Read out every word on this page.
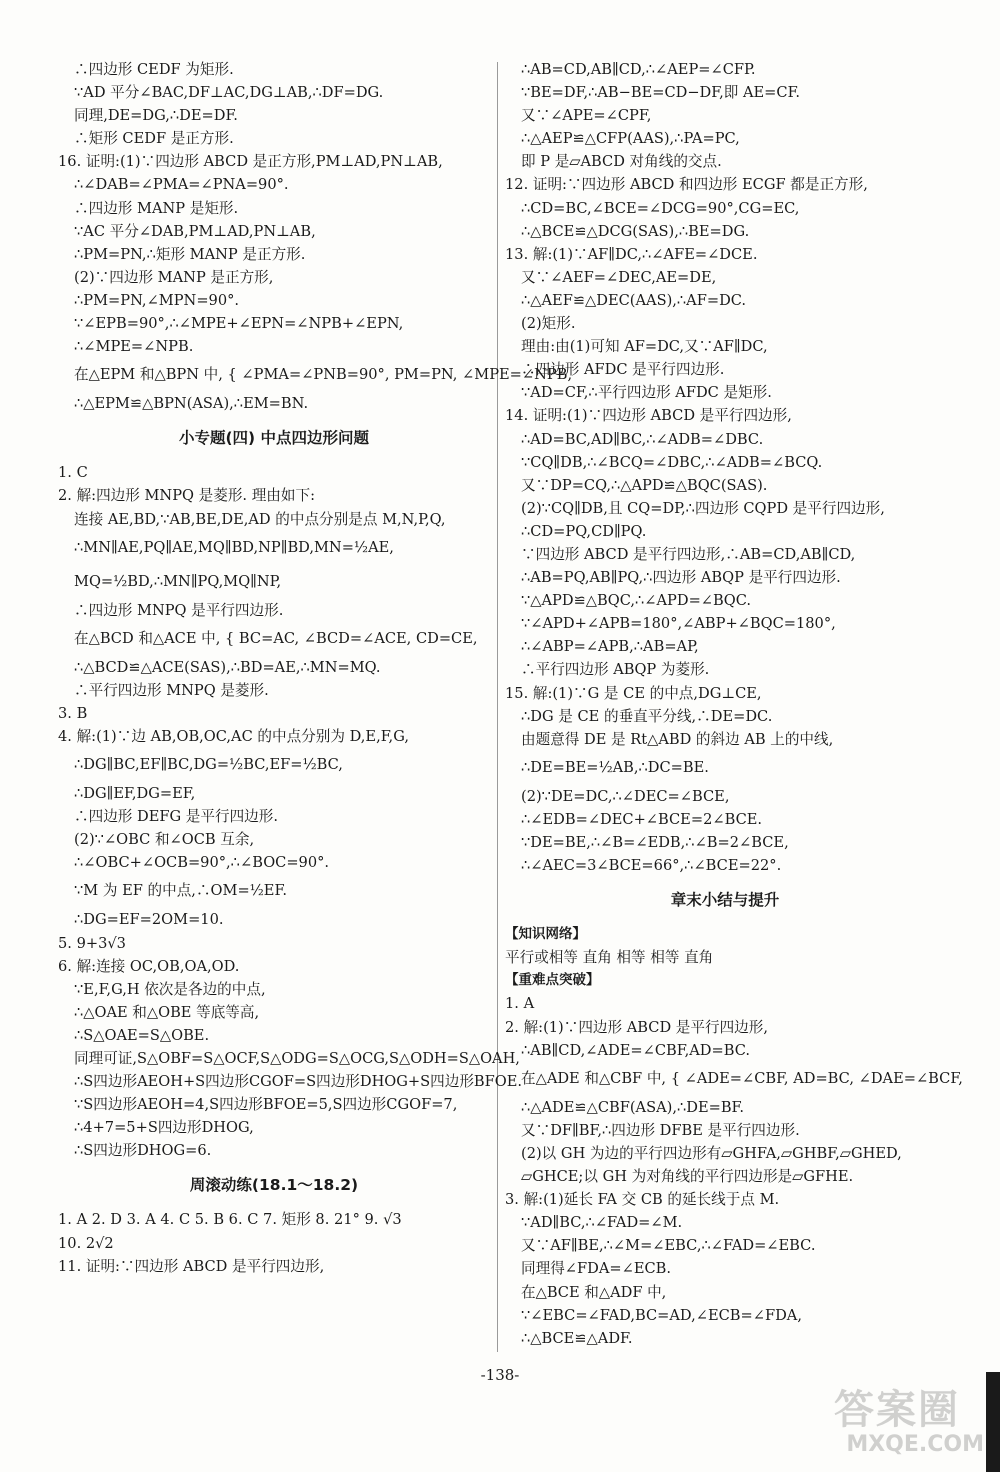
∴四边形 CEDF 为矩形.

∵AD 平分∠BAC,DF⊥AC,DG⊥AB,∴DF=DG.

同理,DE=DG,∴DE=DF.

∴矩形 CEDF 是正方形.

16. 证明:(1)∵四边形 ABCD 是正方形,PM⊥AD,PN⊥AB,

∴∠DAB=∠PMA=∠PNA=90°.

∴四边形 MANP 是矩形.

∵AC 平分∠DAB,PM⊥AD,PN⊥AB,

∴PM=PN,∴矩形 MANP 是正方形.

(2)∵四边形 MANP 是正方形,

∴PM=PN,∠MPN=90°.

∵∠EPB=90°,∴∠MPE+∠EPN=∠NPB+∠EPN,

∴∠MPE=∠NPB.

在△EPM 和△BPN 中, { ∠PMA=∠PNB=90°, PM=PN, ∠MPE=∠NPB,

∴△EPM≌△BPN(ASA),∴EM=BN.

小专题(四) 中点四边形问题

1. C

2. 解:四边形 MNPQ 是菱形. 理由如下:

连接 AE,BD,∵AB,BE,DE,AD 的中点分别是点 M,N,P,Q,

∴MN∥AE,PQ∥AE,MQ∥BD,NP∥BD,MN=½AE,

MQ=½BD,∴MN∥PQ,MQ∥NP,

∴四边形 MNPQ 是平行四边形.

在△BCD 和△ACE 中, { BC=AC, ∠BCD=∠ACE, CD=CE,

∴△BCD≌△ACE(SAS),∴BD=AE,∴MN=MQ.

∴平行四边形 MNPQ 是菱形.

3. B

4. 解:(1)∵边 AB,OB,OC,AC 的中点分别为 D,E,F,G,

∴DG∥BC,EF∥BC,DG=½BC,EF=½BC,

∴DG∥EF,DG=EF,

∴四边形 DEFG 是平行四边形.

(2)∵∠OBC 和∠OCB 互余,

∴∠OBC+∠OCB=90°,∴∠BOC=90°.

∵M 为 EF 的中点,∴OM=½EF.

∴DG=EF=2OM=10.

5. 9+3√3

6. 解:连接 OC,OB,OA,OD.

∵E,F,G,H 依次是各边的中点,

∴△OAE 和△OBE 等底等高,

∴S△OAE=S△OBE.

同理可证,S△OBF=S△OCF,S△ODG=S△OCG,S△ODH=S△OAH,

∴S四边形AEOH+S四边形CGOF=S四边形DHOG+S四边形BFOE.

∵S四边形AEOH=4,S四边形BFOE=5,S四边形CGOF=7,

∴4+7=5+S四边形DHOG,

∴S四边形DHOG=6.

周滚动练(18.1～18.2)

1. A 2. D 3. A 4. C 5. B 6. C 7. 矩形 8. 21° 9. √3

10. 2√2

11. 证明:∵四边形 ABCD 是平行四边形,

∴AB=CD,AB∥CD,∴∠AEP=∠CFP.

∵BE=DF,∴AB−BE=CD−DF,即 AE=CF.

又∵∠APE=∠CPF,

∴△AEP≌△CFP(AAS),∴PA=PC,

即 P 是▱ABCD 对角线的交点.

12. 证明:∵四边形 ABCD 和四边形 ECGF 都是正方形,

∴CD=BC,∠BCE=∠DCG=90°,CG=EC,

∴△BCE≌△DCG(SAS),∴BE=DG.

13. 解:(1)∵AF∥DC,∴∠AFE=∠DCE.

又∵∠AEF=∠DEC,AE=DE,

∴△AEF≌△DEC(AAS),∴AF=DC.

(2)矩形.

理由:由(1)可知 AF=DC,又∵AF∥DC,

∴四边形 AFDC 是平行四边形.

∵AD=CF,∴平行四边形 AFDC 是矩形.

14. 证明:(1)∵四边形 ABCD 是平行四边形,

∴AD=BC,AD∥BC,∴∠ADB=∠DBC.

∵CQ∥DB,∴∠BCQ=∠DBC,∴∠ADB=∠BCQ.

又∵DP=CQ,∴△APD≌△BQC(SAS).

(2)∵CQ∥DB,且 CQ=DP,∴四边形 CQPD 是平行四边形,

∴CD=PQ,CD∥PQ.

∵四边形 ABCD 是平行四边形,∴AB=CD,AB∥CD,

∴AB=PQ,AB∥PQ,∴四边形 ABQP 是平行四边形.

∵△APD≌△BQC,∴∠APD=∠BQC.

∵∠APD+∠APB=180°,∠ABP+∠BQC=180°,

∴∠ABP=∠APB,∴AB=AP,

∴平行四边形 ABQP 为菱形.

15. 解:(1)∵G 是 CE 的中点,DG⊥CE,

∴DG 是 CE 的垂直平分线,∴DE=DC.

由题意得 DE 是 Rt△ABD 的斜边 AB 上的中线,

∴DE=BE=½AB,∴DC=BE.

(2)∵DE=DC,∴∠DEC=∠BCE,

∴∠EDB=∠DEC+∠BCE=2∠BCE.

∵DE=BE,∴∠B=∠EDB,∴∠B=2∠BCE,

∴∠AEC=3∠BCE=66°,∴∠BCE=22°.

章末小结与提升

【知识网络】

平行或相等 直角 相等 相等 直角

【重难点突破】

1. A

2. 解:(1)∵四边形 ABCD 是平行四边形,

∴AB∥CD,∠ADE=∠CBF,AD=BC.

在△ADE 和△CBF 中, { ∠ADE=∠CBF, AD=BC, ∠DAE=∠BCF,

∴△ADE≌△CBF(ASA),∴DE=BF.

又∵DF∥BF,∴四边形 DFBE 是平行四边形.

(2)以 GH 为边的平行四边形有▱GHFA,▱GHBF,▱GHED,

▱GHCE;以 GH 为对角线的平行四边形是▱GFHE.

3. 解:(1)延长 FA 交 CB 的延长线于点 M.

∵AD∥BC,∴∠FAD=∠M.

又∵AF∥BE,∴∠M=∠EBC,∴∠FAD=∠EBC.

同理得∠FDA=∠ECB.

在△BCE 和△ADF 中,

∵∠EBC=∠FAD,BC=AD,∠ECB=∠FDA,

∴△BCE≌△ADF.

-138-
答案圈
MXQE.COM
